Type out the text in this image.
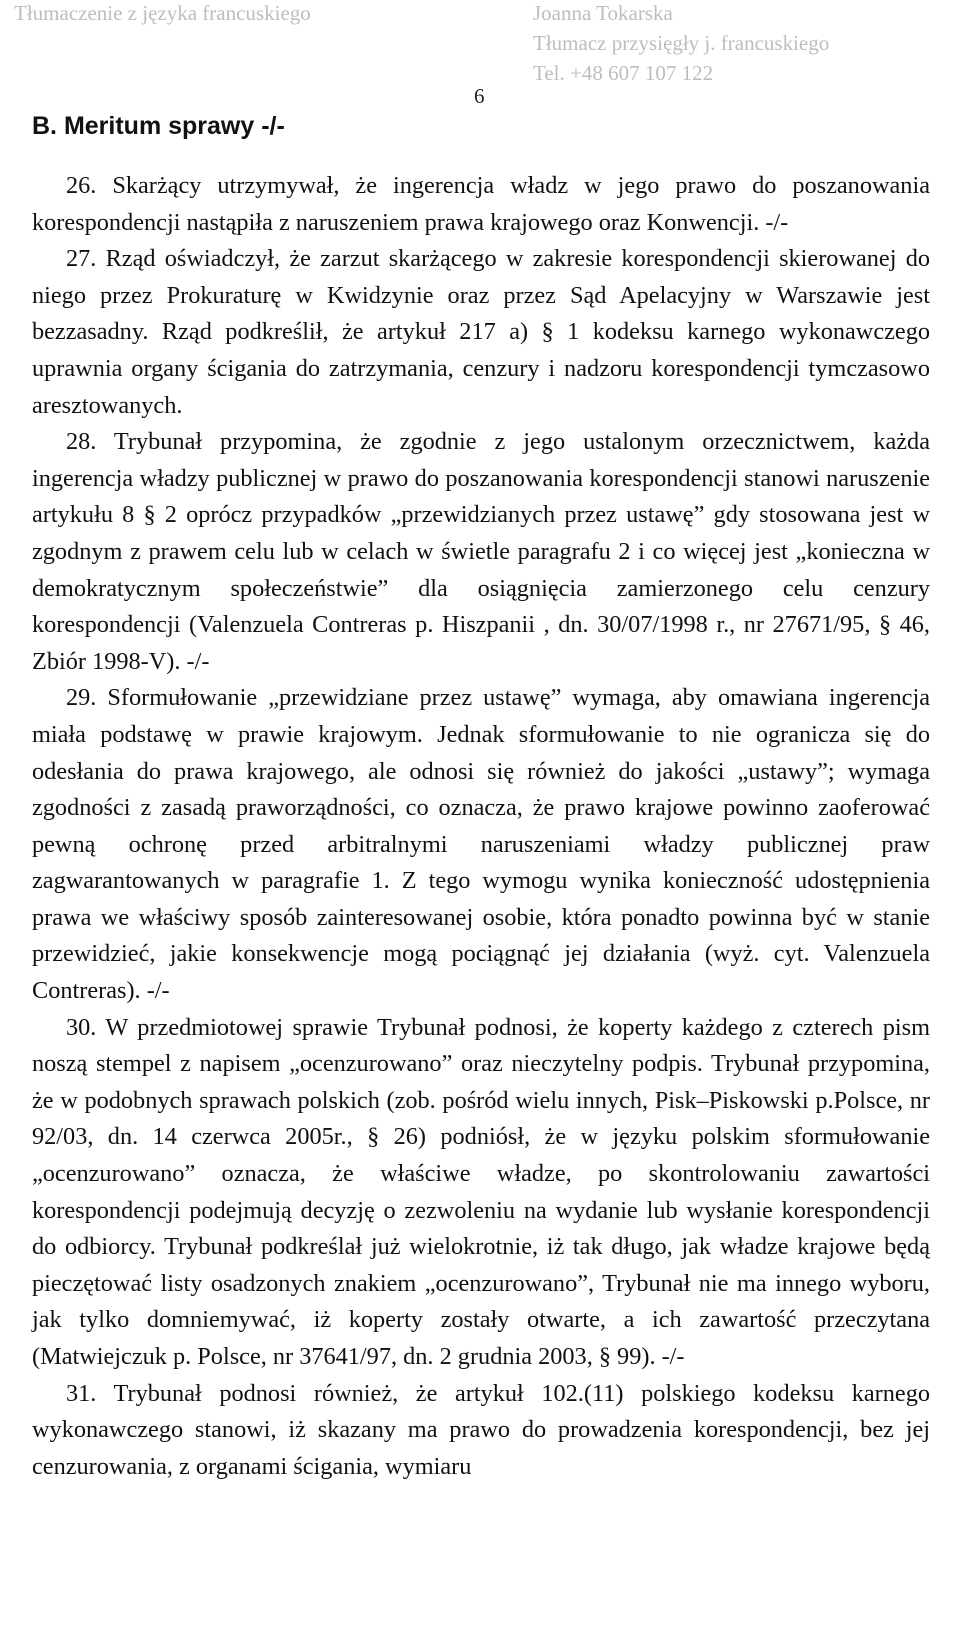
Tłumaczenie z języka francuskiego	Joanna Tokarska
Tłumacz przysięgły j. francuskiego
Tel. +48 607 107 122
6
B. Meritum sprawy -/-

26. Skarżący utrzymywał, że ingerencja władz w jego prawo do poszanowania korespondencji nastąpiła z naruszeniem prawa krajowego oraz Konwencji. -/-

27. Rząd oświadczył, że zarzut skarżącego w zakresie korespondencji skierowanej do niego przez Prokuraturę w Kwidzynie oraz przez Sąd Apelacyjny w Warszawie jest bezzasadny. Rząd podkreślił, że artykuł 217 a) § 1 kodeksu karnego wykonawczego uprawnia organy ścigania do zatrzymania, cenzury i nadzoru korespondencji tymczasowo aresztowanych.

28. Trybunał przypomina, że zgodnie z jego ustalonym orzecznictwem, każda ingerencja władzy publicznej w prawo do poszanowania korespondencji stanowi naruszenie artykułu 8 § 2 oprócz przypadków „przewidzianych przez ustawę” gdy stosowana jest w zgodnym z prawem celu lub w celach w świetle paragrafu 2 i co więcej jest „konieczna w demokratycznym społeczeństwie” dla osiągnięcia zamierzonego celu cenzury korespondencji (Valenzuela Contreras p. Hiszpanii , dn. 30/07/1998 r., nr 27671/95, § 46, Zbiór 1998-V). -/-

29. Sformułowanie „przewidziane przez ustawę” wymaga, aby omawiana ingerencja miała podstawę w prawie krajowym. Jednak sformułowanie to nie ogranicza się do odesłania do prawa krajowego, ale odnosi się również do jakości „ustawy”; wymaga zgodności z zasadą praworządności, co oznacza, że prawo krajowe powinno zaoferować pewną ochronę przed arbitralnymi naruszeniami władzy publicznej praw zagwarantowanych w paragrafie 1. Z tego wymogu wynika konieczność udostępnienia prawa we właściwy sposób zainteresowanej osobie, która ponadto powinna być w stanie przewidzieć, jakie konsekwencje mogą pociągnąć jej działania (wyż. cyt. Valenzuela Contreras). -/-

30. W przedmiotowej sprawie Trybunał podnosi, że koperty każdego z czterech pism noszą stempel z napisem „ocenzurowano” oraz nieczytelny podpis. Trybunał przypomina, że w podobnych sprawach polskich (zob. pośród wielu innych, Pisk–Piskowski p.Polsce, nr 92/03, dn. 14 czerwca 2005r., § 26) podniósł, że w języku polskim sformułowanie „ocenzurowano” oznacza, że właściwe władze, po skontrolowaniu zawartości korespondencji podejmują decyzję o zezwoleniu na wydanie lub wysłanie korespondencji do odbiorcy. Trybunał podkreślał już wielokrotnie, iż tak długo, jak władze krajowe będą pieczętować listy osadzonych znakiem „ocenzurowano”, Trybunał nie ma innego wyboru, jak tylko domniemywać, iż koperty zostały otwarte, a ich zawartość przeczytana (Matwiejczuk p. Polsce, nr 37641/97, dn. 2 grudnia 2003, § 99). -/-

31. Trybunał podnosi również, że artykuł 102.(11) polskiego kodeksu karnego wykonawczego stanowi, iż skazany ma prawo do prowadzenia korespondencji, bez jej cenzurowania, z organami ścigania, wymiaru
